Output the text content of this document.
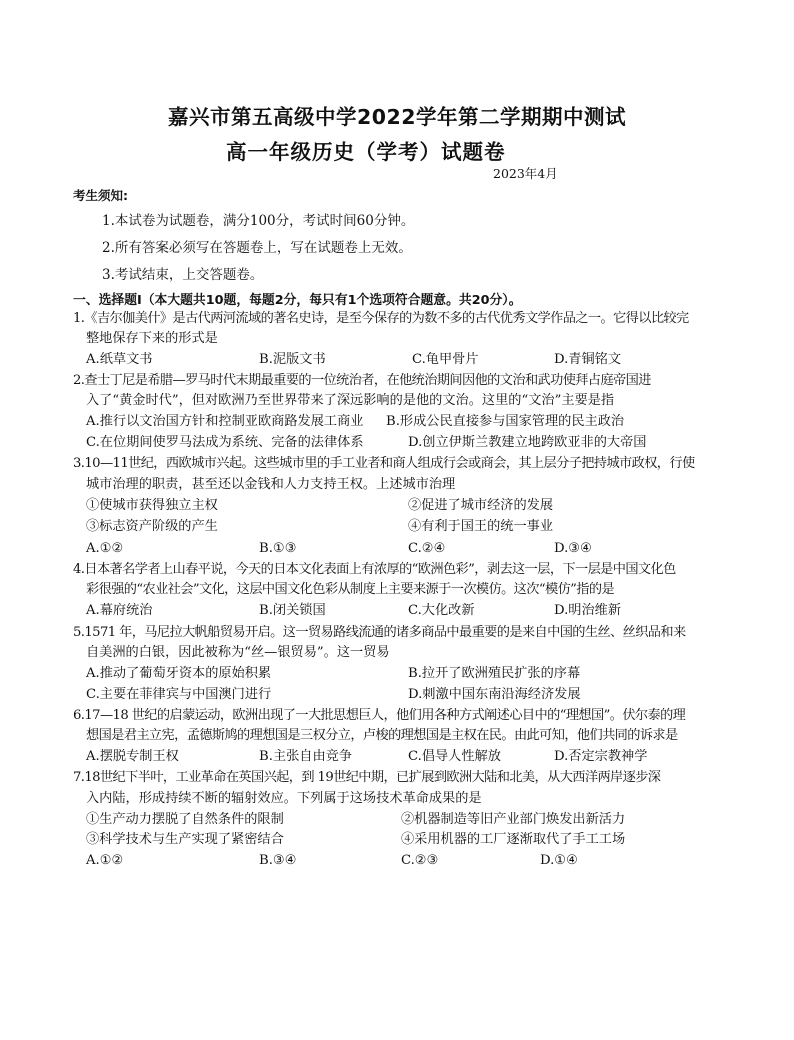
嘉兴市第五高级中学2022学年第二学期期中测试
高一年级历史（学考）试题卷
2023年4月
考生须知:
1.本试卷为试题卷，满分100分，考试时间60分钟。
2.所有答案必须写在答题卷上，写在试题卷上无效。
3.考试结束，上交答题卷。
一、选择题Ⅰ（本大题共10题，每题2分，每只有1个选项符合题意。共20分）。
1.《吉尔伽美什》是古代两河流域的著名史诗，是至今保存的为数不多的古代优秀文学作品之一。它得以比较完
整地保存下来的形式是
A.纸草文书	B.泥版文书	C.龟甲骨片	D.青铜铭文
2.查士丁尼是希腊—罗马时代末期最重要的一位统治者，在他统治期间因他的文治和武功使拜占庭帝国进
入了“黄金时代”，但对欧洲乃至世界带来了深远影响的是他的文治。这里的“文治”主要是指
A.推行以文治国方针和控制亚欧商路发展工商业 B.形成公民直接参与国家管理的民主政治
C.在位期间使罗马法成为系统、完备的法律体系	D.创立伊斯兰教建立地跨欧亚非的大帝国
3.10—11世纪，西欧城市兴起。这些城市里的手工业者和商人组成行会或商会，其上层分子把持城市政权，行使
城市治理的职责，甚至还以金钱和人力支持王权。上述城市治理
①使城市获得独立主权	②促进了城市经济的发展
③标志资产阶级的产生	④有利于国王的统一事业
A.①②	B.①③	C.②④	D.③④
4.日本著名学者上山春平说，今天的日本文化表面上有浓厚的“欧洲色彩”，剥去这一层，下一层是中国文化色
彩很强的“农业社会”文化，这层中国文化色彩从制度上主要来源于一次模仿。这次“模仿”指的是
A.幕府统治	B.闭关锁国	C.大化改新	D.明治维新
5.1571 年，马尼拉大帆船贸易开启。这一贸易路线流通的诸多商品中最重要的是来自中国的生丝、丝织品和来
自美洲的白银，因此被称为“丝—银贸易”。这一贸易
A.推动了葡萄牙资本的原始积累	B.拉开了欧洲殖民扩张的序幕
C.主要在菲律宾与中国澳门进行	D.刺激中国东南沿海经济发展
6.17—18 世纪的启蒙运动，欧洲出现了一大批思想巨人，他们用各种方式阐述心目中的“理想国”。伏尔泰的理
想国是君主立宪，孟德斯鸠的理想国是三权分立，卢梭的理想国是主权在民。由此可知，他们共同的诉求是
A.摆脱专制王权	B.主张自由竞争	C.倡导人性解放	D.否定宗教神学
7.18世纪下半叶，工业革命在英国兴起，到 19世纪中期，已扩展到欧洲大陆和北美，从大西洋两岸逐步深
入内陆，形成持续不断的辐射效应。下列属于这场技术革命成果的是
①生产动力摆脱了自然条件的限制	②机器制造等旧产业部门焕发出新活力
③科学技术与生产实现了紧密结合	④采用机器的工厂逐渐取代了手工工场
A.①②	B.③④	C.②③	D.①④
